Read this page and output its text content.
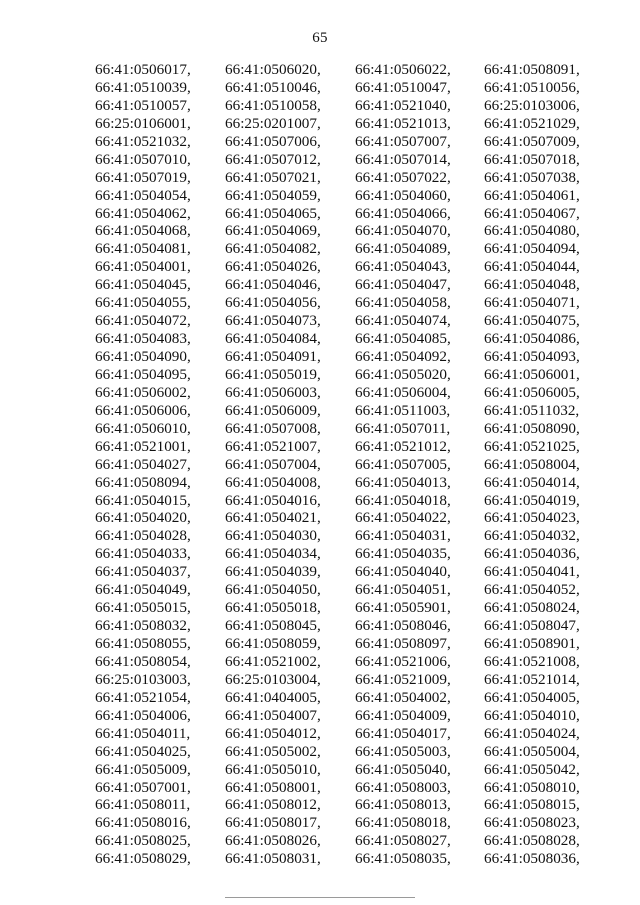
65
66:41:0506017,
66:41:0510039,
66:41:0510057,
66:25:0106001,
66:41:0521032,
66:41:0507010,
66:41:0507019,
66:41:0504054,
66:41:0504062,
66:41:0504068,
66:41:0504081,
66:41:0504001,
66:41:0504045,
66:41:0504055,
66:41:0504072,
66:41:0504083,
66:41:0504090,
66:41:0504095,
66:41:0506002,
66:41:0506006,
66:41:0506010,
66:41:0521001,
66:41:0504027,
66:41:0508094,
66:41:0504015,
66:41:0504020,
66:41:0504028,
66:41:0504033,
66:41:0504037,
66:41:0504049,
66:41:0505015,
66:41:0508032,
66:41:0508055,
66:41:0508054,
66:25:0103003,
66:41:0521054,
66:41:0504006,
66:41:0504011,
66:41:0504025,
66:41:0505009,
66:41:0507001,
66:41:0508011,
66:41:0508016,
66:41:0508025,
66:41:0508029,
66:41:0506020,
66:41:0510046,
66:41:0510058,
66:25:0201007,
66:41:0507006,
66:41:0507012,
66:41:0507021,
66:41:0504059,
66:41:0504065,
66:41:0504069,
66:41:0504082,
66:41:0504026,
66:41:0504046,
66:41:0504056,
66:41:0504073,
66:41:0504084,
66:41:0504091,
66:41:0505019,
66:41:0506003,
66:41:0506009,
66:41:0507008,
66:41:0521007,
66:41:0507004,
66:41:0504008,
66:41:0504016,
66:41:0504021,
66:41:0504030,
66:41:0504034,
66:41:0504039,
66:41:0504050,
66:41:0505018,
66:41:0508045,
66:41:0508059,
66:41:0521002,
66:25:0103004,
66:41:0404005,
66:41:0504007,
66:41:0504012,
66:41:0505002,
66:41:0505010,
66:41:0508001,
66:41:0508012,
66:41:0508017,
66:41:0508026,
66:41:0508031,
66:41:0506022,
66:41:0510047,
66:41:0521040,
66:41:0521013,
66:41:0507007,
66:41:0507014,
66:41:0507022,
66:41:0504060,
66:41:0504066,
66:41:0504070,
66:41:0504089,
66:41:0504043,
66:41:0504047,
66:41:0504058,
66:41:0504074,
66:41:0504085,
66:41:0504092,
66:41:0505020,
66:41:0506004,
66:41:0511003,
66:41:0507011,
66:41:0521012,
66:41:0507005,
66:41:0504013,
66:41:0504018,
66:41:0504022,
66:41:0504031,
66:41:0504035,
66:41:0504040,
66:41:0504051,
66:41:0505901,
66:41:0508046,
66:41:0508097,
66:41:0521006,
66:41:0521009,
66:41:0504002,
66:41:0504009,
66:41:0504017,
66:41:0505003,
66:41:0505040,
66:41:0508003,
66:41:0508013,
66:41:0508018,
66:41:0508027,
66:41:0508035,
66:41:0508091,
66:41:0510056,
66:25:0103006,
66:41:0521029,
66:41:0507009,
66:41:0507018,
66:41:0507038,
66:41:0504061,
66:41:0504067,
66:41:0504080,
66:41:0504094,
66:41:0504044,
66:41:0504048,
66:41:0504071,
66:41:0504075,
66:41:0504086,
66:41:0504093,
66:41:0506001,
66:41:0506005,
66:41:0511032,
66:41:0508090,
66:41:0521025,
66:41:0508004,
66:41:0504014,
66:41:0504019,
66:41:0504023,
66:41:0504032,
66:41:0504036,
66:41:0504041,
66:41:0504052,
66:41:0508024,
66:41:0508047,
66:41:0508901,
66:41:0521008,
66:41:0521014,
66:41:0504005,
66:41:0504010,
66:41:0504024,
66:41:0505004,
66:41:0505042,
66:41:0508010,
66:41:0508015,
66:41:0508023,
66:41:0508028,
66:41:0508036,
